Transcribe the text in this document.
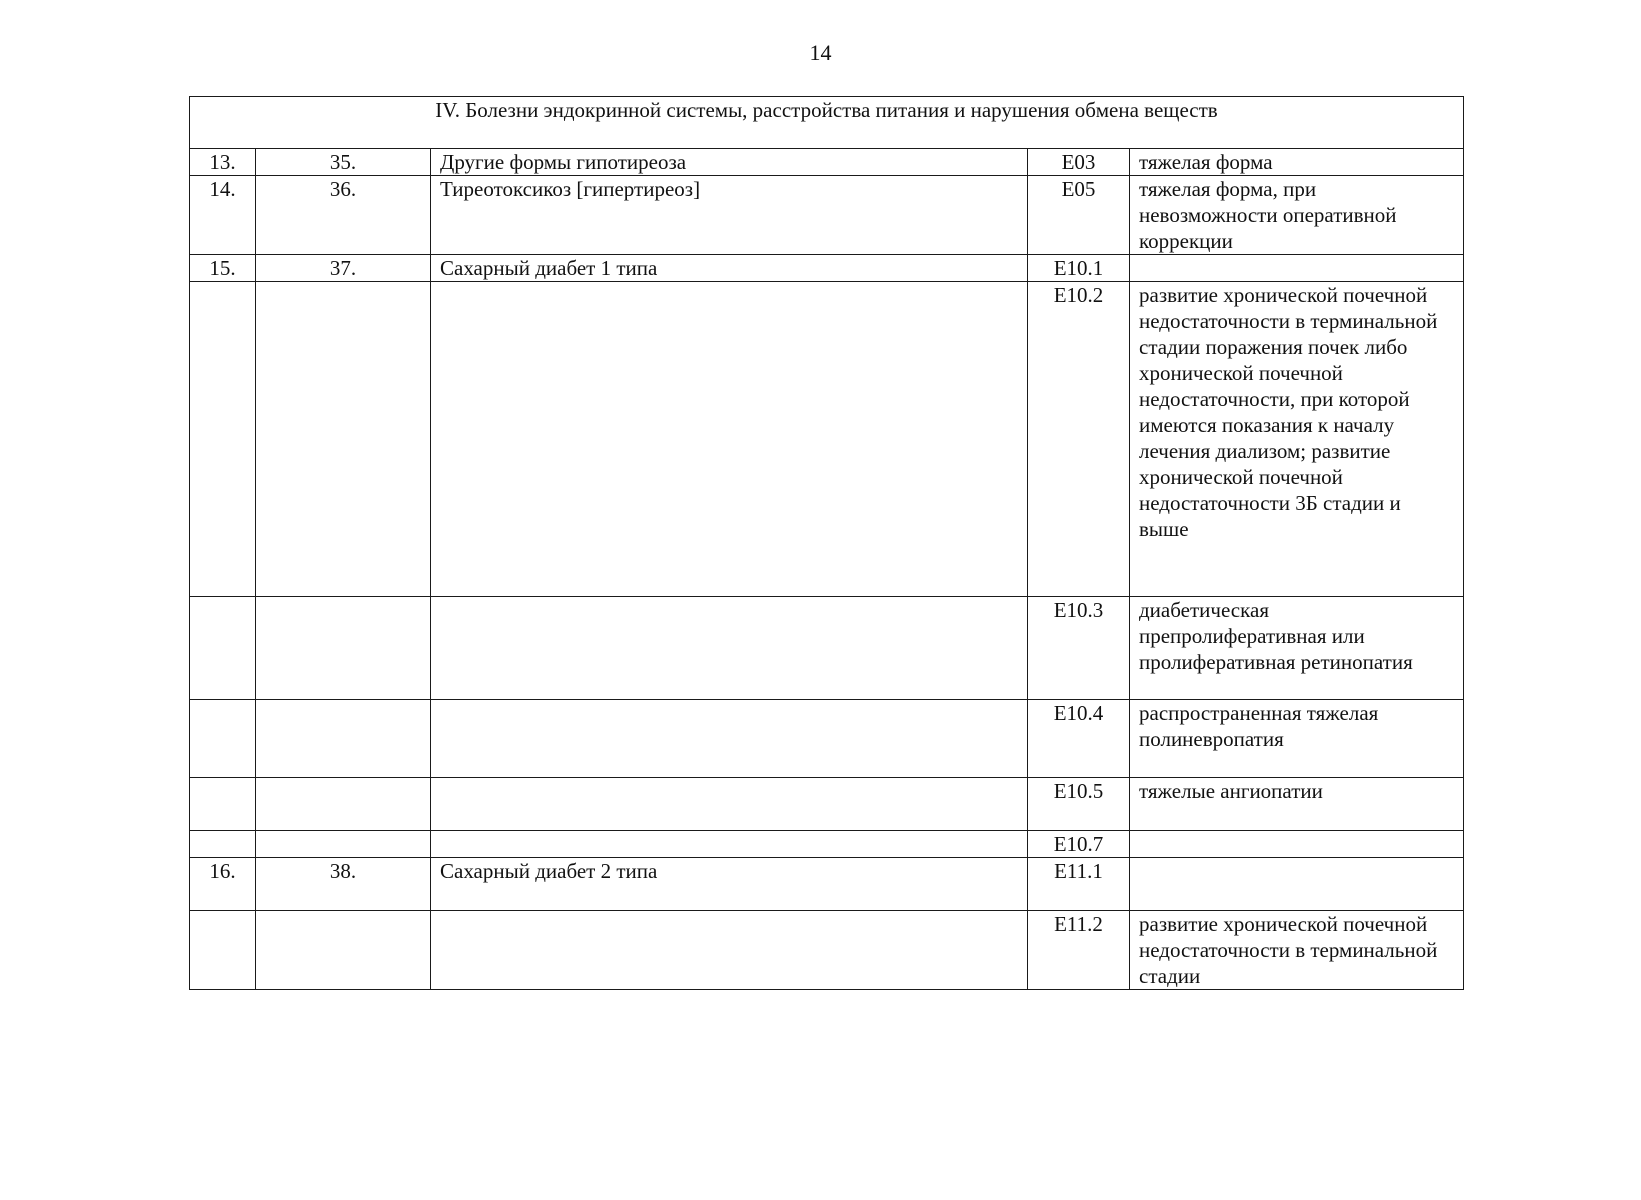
14
IV. Болезни эндокринной системы, расстройства питания и нарушения обмена веществ				
13.	35.	Другие формы гипотиреоза	E03	тяжелая форма
14.	36.	Тиреотоксикоз [гипертиреоз]	E05	тяжелая форма, при невозможности оперативной коррекции
15.	37.	Сахарный диабет 1 типа	E10.1	
			E10.2	развитие хронической почечной недостаточности в терминальной стадии поражения почек либо хронической почечной недостаточности, при которой имеются показания к началу лечения диализом; развитие хронической почечной недостаточности 3Б стадии и выше
			E10.3	диабетическая препролиферативная или пролиферативная ретинопатия
			E10.4	распространенная тяжелая полиневропатия
			E10.5	тяжелые ангиопатии
			E10.7	
16.	38.	Сахарный диабет 2 типа	E11.1	
			E11.2	развитие хронической почечной недостаточности в терминальной стадии
